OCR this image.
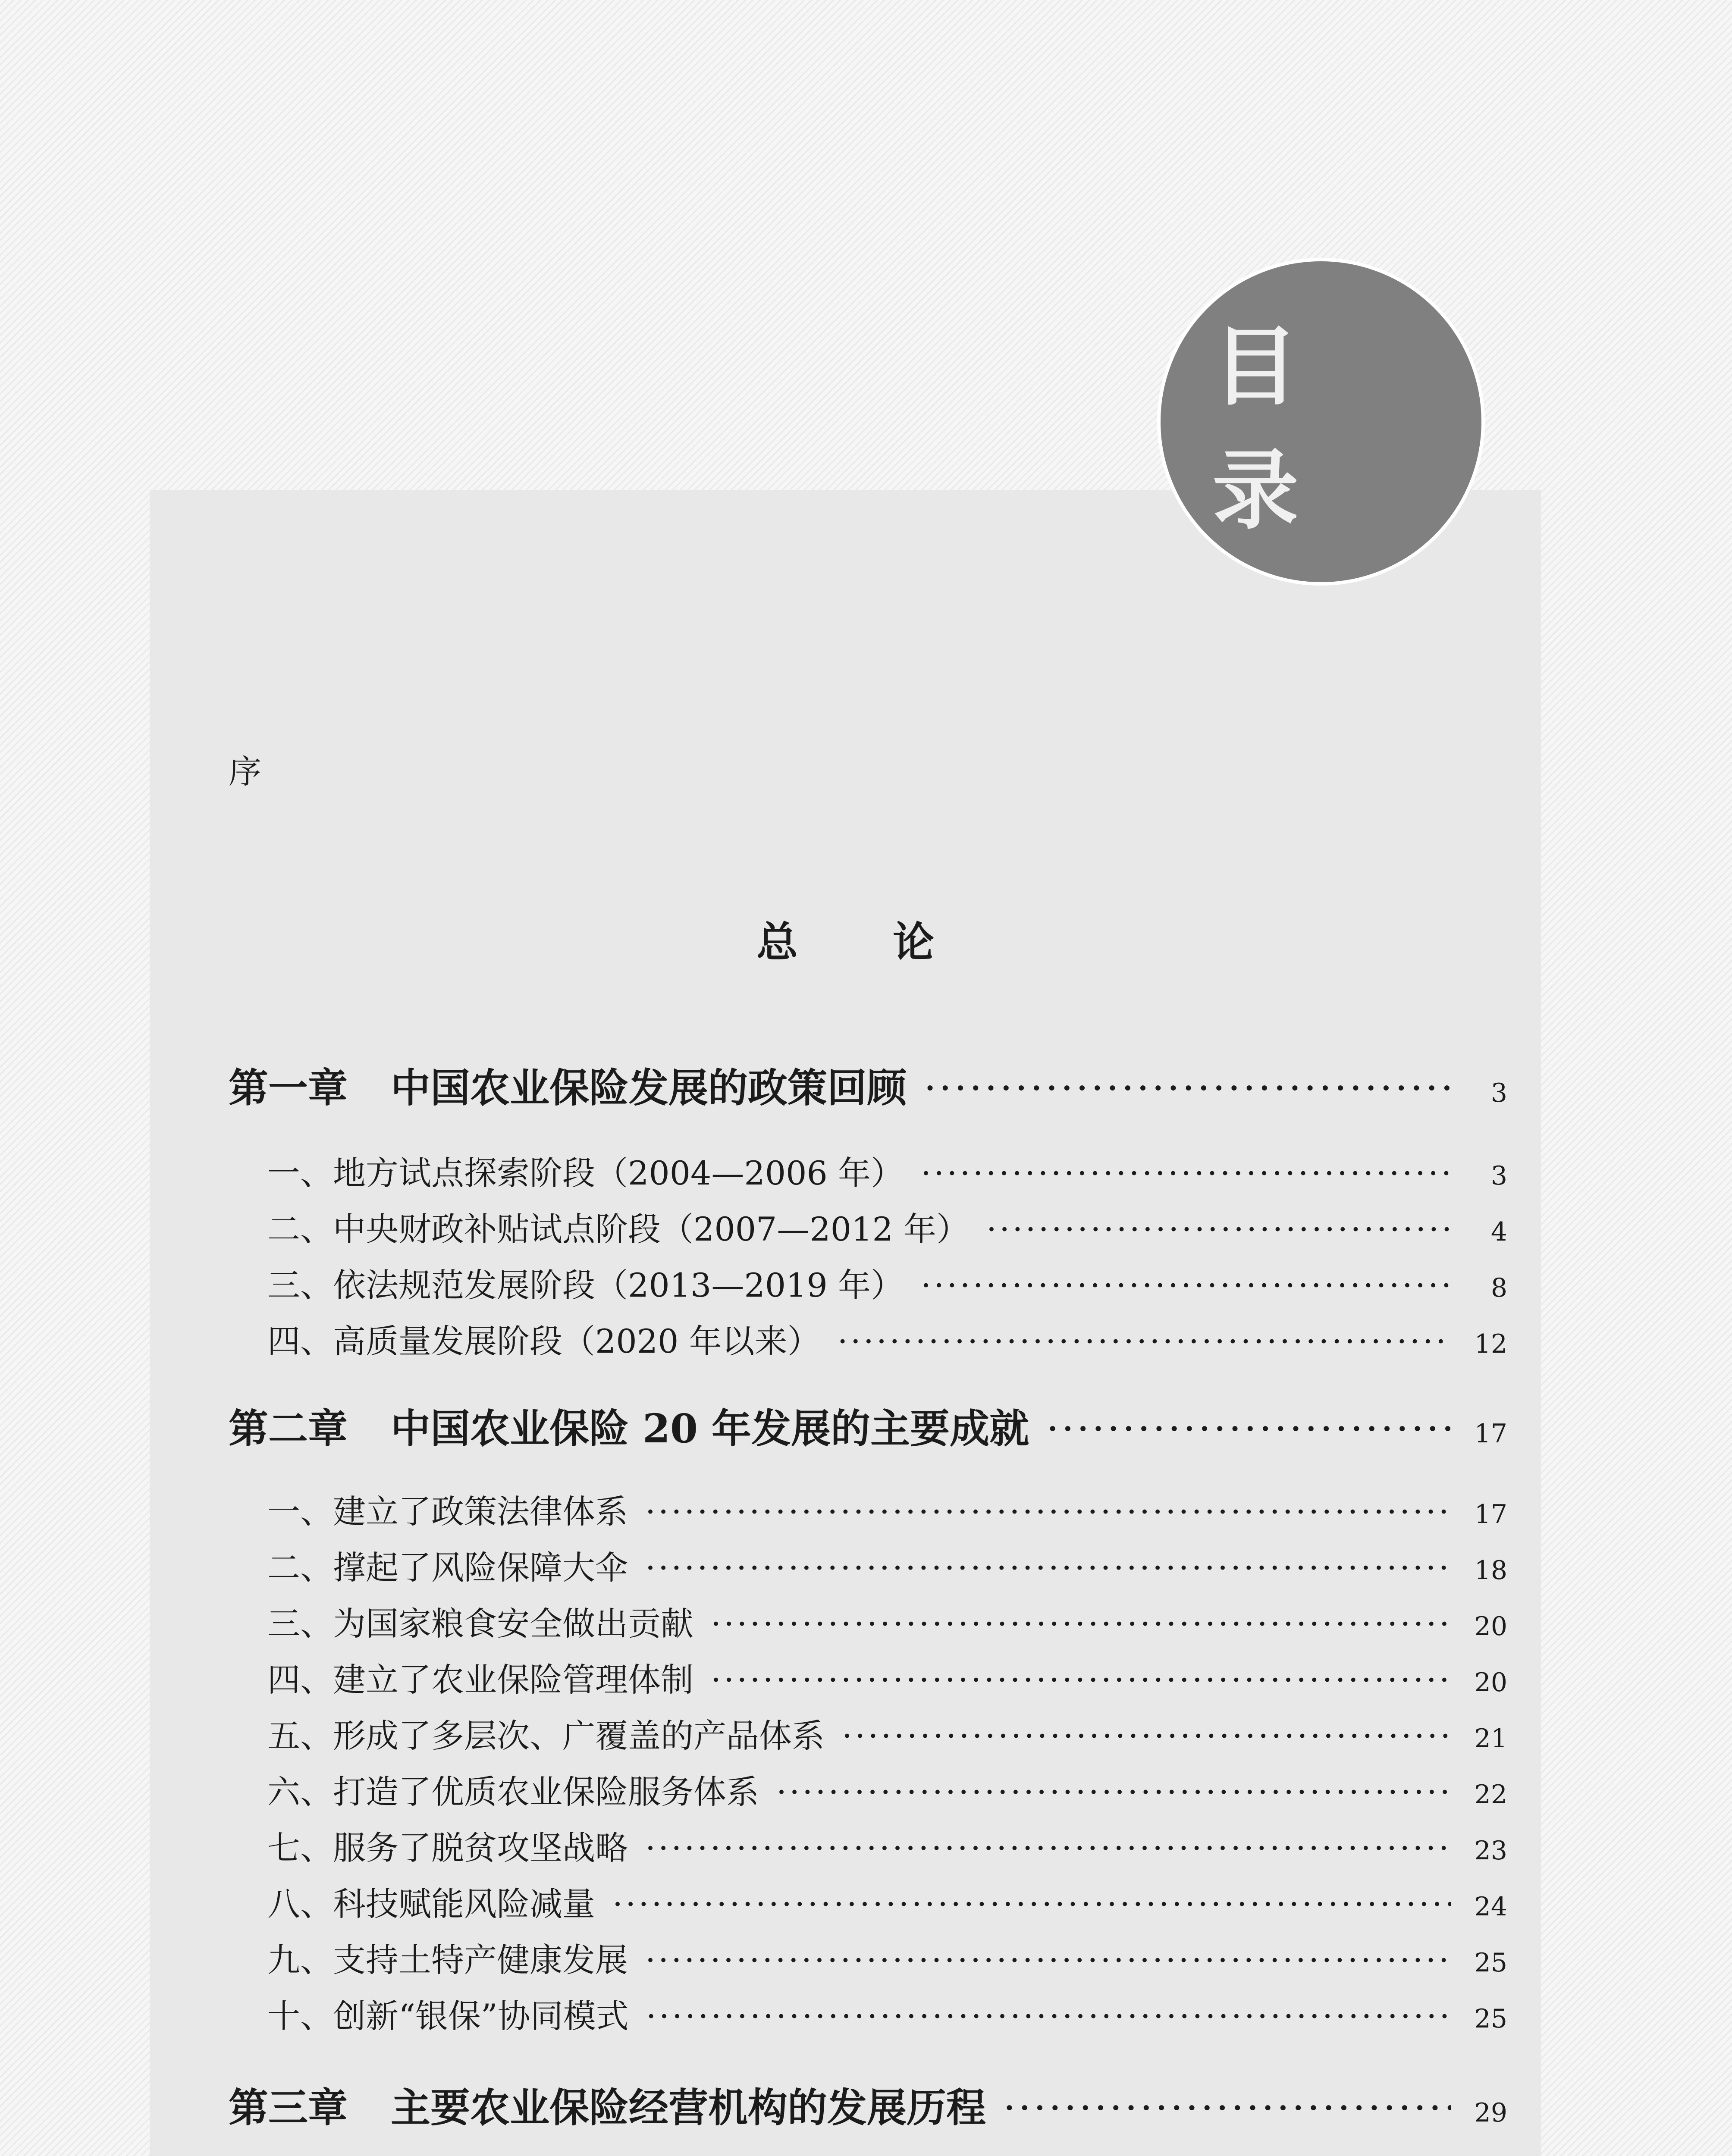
目录
序
总论
第一章	中国农业保险发展的政策回顾 ·····	3
一、地方试点探索阶段（2004—2006 年） ·····	3
二、中央财政补贴试点阶段（2007—2012 年） ·····	4
三、依法规范发展阶段（2013—2019 年） ·····	8
四、高质量发展阶段（2020 年以来） ·····	12
第二章	中国农业保险 20 年发展的主要成就 ·····	17
一、建立了政策法律体系 ·····	17
二、撑起了风险保障大伞 ·····	18
三、为国家粮食安全做出贡献 ·····	20
四、建立了农业保险管理体制 ·····	20
五、形成了多层次、广覆盖的产品体系 ·····	21
六、打造了优质农业保险服务体系 ·····	22
七、服务了脱贫攻坚战略 ·····	23
八、科技赋能风险减量 ·····	24
九、支持土特产健康发展 ·····	25
十、创新“银保”协同模式 ·····	25
第三章	主要农业保险经营机构的发展历程 ·····	29
